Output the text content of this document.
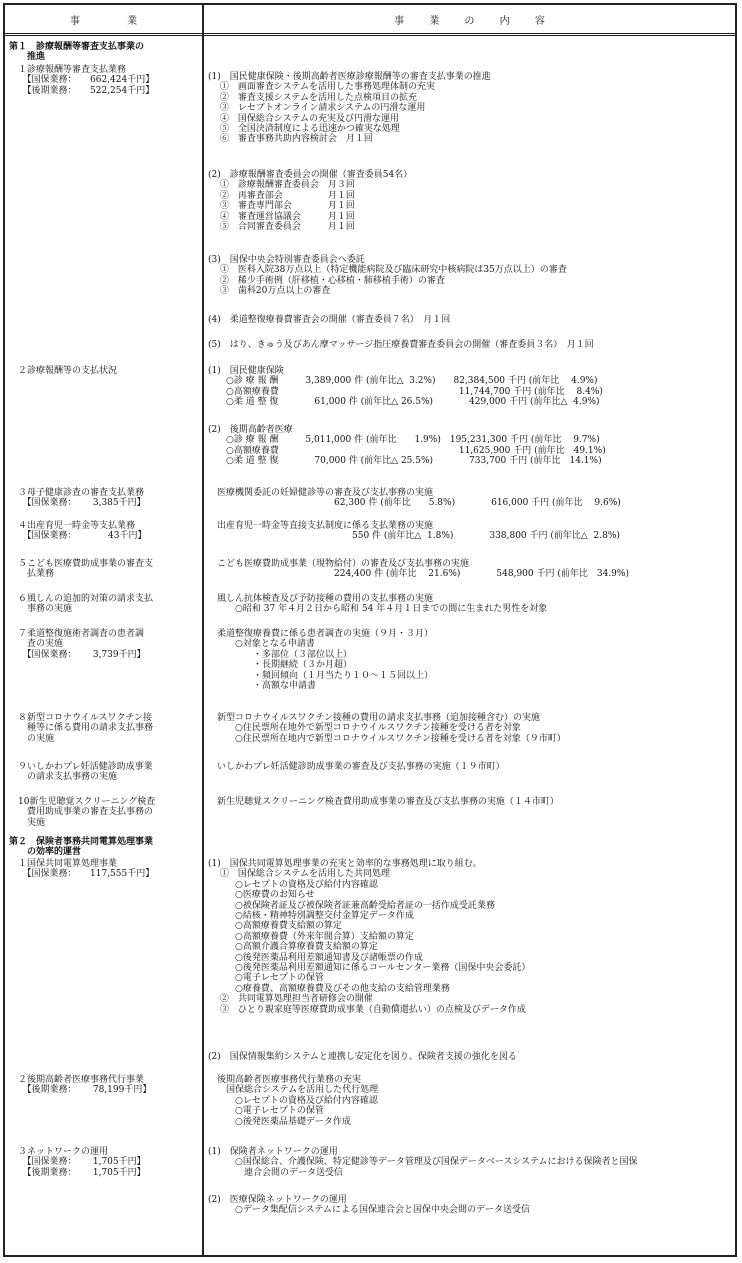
事 業	事 業 の 内 容
第１　診療報酬等審査支払事業の
　　推進
　１診療報酬等審査支払業務
　　【国保業務：　　662,424千円】
　　【後期業務：　　522,254千円】
　２診療報酬等の支払状況
　３母子健康診査の審査支払業務
　　【国保業務：　　 3,385千円】
　４出産育児一時金等支払業務
　　【国保業務：　　　　43千円】
　５こども医療費助成事業の審査支
　　払業務
　６風しんの追加的対策の請求支払
　　事務の実施
　７柔道整復施術者調査の患者調
　　査の実施
　　【国保業務：　　 3,739千円】
　８新型コロナウイルスワクチン接
　　種等に係る費用の請求支払事務
　　の実施
　９いしかわプレ妊活健診助成事業
　　の請求支払事務の実施
　10新生児聴覚スクリーニング検査
　　費用助成事業の審査支払事務の
　　実施
第２　保険者事務共同電算処理事業
　　の効率的運営
　１国保共同電算処理事業
　　【国保業務：　　117,555千円】
　２後期高齢者医療事務代行事業
　　【後期業務：　　 78,199千円】
　３ネットワークの運用
　　【国保業務：　　 1,705千円】
　　【後期業務：　　 1,705千円】
(1)　国民健康保険・後期高齢者医療診療報酬等の審査支払事業の推進
　 ①　画面審査システムを活用した事務処理体制の充実
　 ②　審査支援システムを活用した点検項目の拡充
　 ③　レセプトオンライン請求システムの円滑な運用
　 ④　国保総合システムの充実及び円滑な運用
　 ⑤　全国決済制度による迅速かつ確実な処理
　 ⑥　審査事務共助内容検討会　月１回
(2)　診療報酬審査委員会の開催（審査委員54名）
　 ①　診療報酬審査委員会　月３回
　 ②　再審査部会　　　　　月１回
　 ③　審査専門部会　　　　月１回
　 ④　審査運営協議会　　　月１回
　 ⑤　合同審査委員会　　　月１回
(3)　国保中央会特別審査委員会へ委託
　 ①　医科入院38万点以上（特定機能病院及び臨床研究中核病院は35万点以上）の審査
　 ②　稀少手術例（肝移植・心移植・肺移植手術）の審査
　 ③　歯科20万点以上の審査
(4)　柔道整復療養費審査会の開催（審査委員７名）　月１回
(5)　はり、きゅう及びあん摩マッサージ指圧療養費審査委員会の開催（審査委員３名）　月１回
(1)　国民健康保険
　　○診 療 報 酬　　　3,389,000 件 (前年比△  3.2%)　　82,384,500 千円 (前年比　 4.9%)
　　○高額療養費　　　　　　　　　　　　　　　　　　　　11,744,700 千円 (前年比　 8.4%)
　　○柔 道 整 復　　　　61,000 件 (前年比△ 26.5%)　　　　429,000 千円 (前年比△  4.9%)
(2)　後期高齢者医療
　　○診 療 報 酬　　　5,011,000 件 (前年比　　1.9%)　195,231,300 千円 (前年比　 9.7%)
　　○高額療養費　　　　　　　　　　　　　　　　　　　　11,625,900 千円 (前年比　49.1%)
　　○柔 道 整 復　　　　70,000 件 (前年比△ 25.5%)　　　　733,700 千円 (前年比　14.1%)
　医療機関委託の妊婦健診等の審査及び支払事務の実施
　　　　　　　　　　　　　　62,300 件 (前年比　　5.8%)　　　　616,000 千円 (前年比　 9.6%)
　出産育児一時金等直接支払制度に係る支払業務の実施
　　　　　　　　　　　　　　　　550 件 (前年比△  1.8%)　　　　338,800 千円 (前年比△  2.8%)
　こども医療費助成事業（現物給付）の審査及び支払事務の実施
　　　　　　　　　　　　　　224,400 件 (前年比　 21.6%)　　　　548,900 千円 (前年比　34.9%)
　風しん抗体検査及び予防接種の費用の支払事務の実施
　　　○昭和 37 年４月２日から昭和 54 年４月１日までの間に生まれた男性を対象
　柔道整復療養費に係る患者調査の実施（９月・３月）
　　　○対象となる申請書
　　　　　・多部位（３部位以上）
　　　　　・長期継続（３か月超）
　　　　　・頻回傾向（１月当たり１０～１５回以上）
　　　　　・高額な申請書
　新型コロナウイルスワクチン接種の費用の請求支払事務（追加接種含む）の実施
　　　○住民票所在地外で新型コロナウイルスワクチン接種を受ける者を対象
　　　○住民票所在地内で新型コロナウイルスワクチン接種を受ける者を対象（９市町）
　いしかわプレ妊活健診助成事業の審査及び支払事務の実施（１９市町）
　新生児聴覚スクリーニング検査費用助成事業の審査及び支払事務の実施（１４市町）
(1)　国保共同電算処理事業の充実と効率的な事務処理に取り組む。
　 ①　国保総合システムを活用した共同処理
　　　○レセプトの資格及び給付内容確認
　　　○医療費のお知らせ
　　　○被保険者証及び被保険者証兼高齢受給者証の一括作成受託業務
　　　○結核・精神特別調整交付金算定データ作成
　　　○高額療養費支給額の算定
　　　○高額療養費（外来年間合算）支給額の算定
　　　○高額介護合算療養費支給額の算定
　　　○後発医薬品利用差額通知書及び諸帳票の作成
　　　○後発医薬品利用差額通知に係るコールセンター業務（国保中央会委託）
　　　○電子レセプトの保管
　　　○療養費、高額療養費及びその他支給の支給管理業務
　 ②　共同電算処理担当者研修会の開催
　 ③　ひとり親家庭等医療費助成事業（自動償還払い）の点検及びデータ作成
(2)　国保情報集約システムと連携し安定化を図り、保険者支援の強化を図る
　後期高齢者医療事務代行業務の充実
　　国保総合システムを活用した代行処理
　　　○レセプトの資格及び給付内容確認
　　　○電子レセプトの保管
　　　○後発医薬品基礎データ作成
(1)　保険者ネットワークの運用
　　　○国保総合、介護保険、特定健診等データ管理及び国保データベースシステムにおける保険者と国保
　　　　連合会間のデータ送受信
(2)　医療保険ネットワークの運用
　　　○データ集配信システムによる国保連合会と国保中央会間のデータ送受信
